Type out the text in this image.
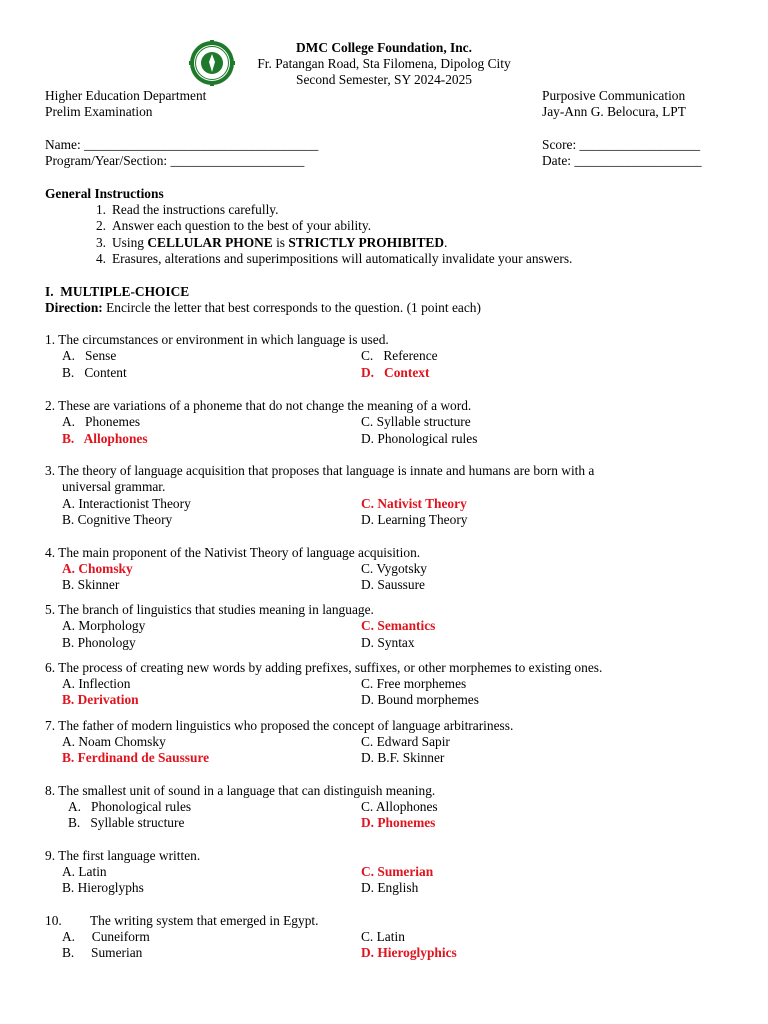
DMC College Foundation, Inc.
Fr. Patangan Road, Sta Filomena, Dipolog City
Second Semester, SY 2024-2025
Higher Education Department
Prelim Examination
Purposive Communication
Jay-Ann G. Belocura, LPT
Name: ___________________________________
Program/Year/Section: ____________________
Score: __________________
Date: ___________________
General Instructions
1. Read the instructions carefully.
2. Answer each question to the best of your ability.
3. Using CELLULAR PHONE is STRICTLY PROHIBITED.
4. Erasures, alterations and superimpositions will automatically invalidate your answers.
I. MULTIPLE-CHOICE
Direction: Encircle the letter that best corresponds to the question. (1 point each)
1. The circumstances or environment in which language is used.
A.  Sense
B.  Content
C.  Reference
D.  Context
2. These are variations of a phoneme that do not change the meaning of a word.
A.  Phonemes
B.  Allophones
C. Syllable structure
D. Phonological rules
3. The theory of language acquisition that proposes that language is innate and humans are born with a
universal grammar.
A. Interactionist Theory
B. Cognitive Theory
C. Nativist Theory
D. Learning Theory
4. The main proponent of the Nativist Theory of language acquisition.
A. Chomsky
B. Skinner
C. Vygotsky
D. Saussure
5. The branch of linguistics that studies meaning in language.
A. Morphology
B. Phonology
C. Semantics
D. Syntax
6. The process of creating new words by adding prefixes, suffixes, or other morphemes to existing ones.
A. Inflection
B. Derivation
C. Free morphemes
D. Bound morphemes
7. The father of modern linguistics who proposed the concept of language arbitrariness.
A. Noam Chomsky
B. Ferdinand de Saussure
C. Edward Sapir
D. B.F. Skinner
8. The smallest unit of sound in a language that can distinguish meaning.
A.  Phonological rules
B.  Syllable structure
C. Allophones
D. Phonemes
9. The first language written.
A. Latin
B. Hieroglyphs
C. Sumerian
D. English
10. The writing system that emerged in Egypt.
A.  Cuneiform
B.  Sumerian
C. Latin
D. Hieroglyphics
